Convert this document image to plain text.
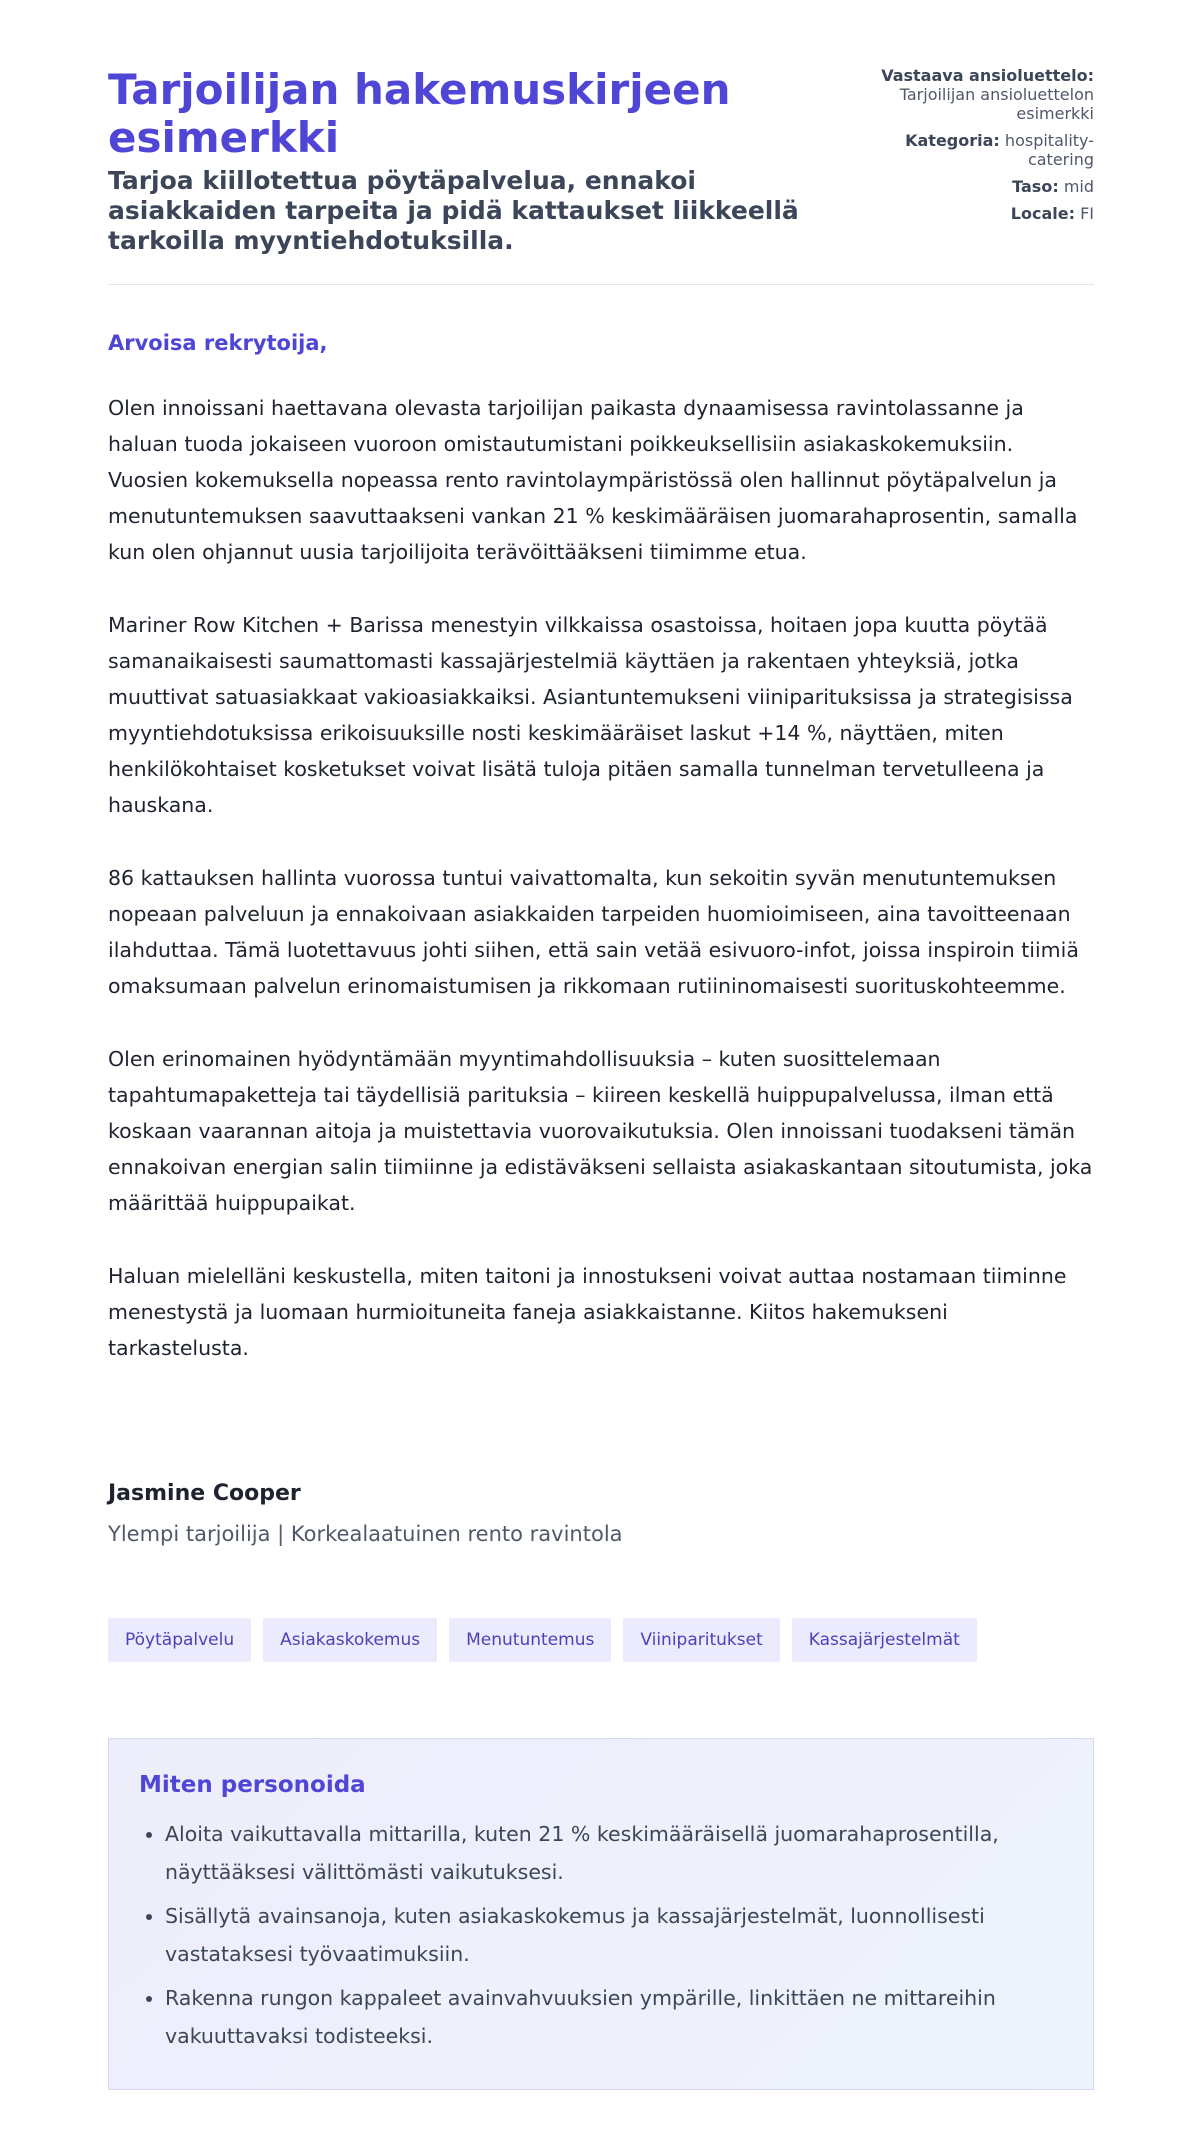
Tarjoilijan hakemuskirjeen esimerkki

Tarjoa kiillotettua pöytäpalvelua, ennakoi asiakkaiden tarpeita ja pidä kattaukset liikkeellä tarkoilla myyntiehdotuksilla.

Vastaava ansioluettelo: Tarjoilijan ansioluettelon esimerkki

Kategoria: hospitality-catering

Taso: mid

Locale: FI

Arvoisa rekrytoija,

Olen innoissani haettavana olevasta tarjoilijan paikasta dynaamisessa ravintolassanne ja haluan tuoda jokaiseen vuoroon omistautumistani poikkeuksellisiin asiakaskokemuksiin. Vuosien kokemuksella nopeassa rento ravintolaympäristössä olen hallinnut pöytäpalvelun ja menutuntemuksen saavuttaakseni vankan 21 % keskimääräisen juomarahaprosentin, samalla kun olen ohjannut uusia tarjoilijoita terävöittääkseni tiimimme etua.

Mariner Row Kitchen + Barissa menestyin vilkkaissa osastoissa, hoitaen jopa kuutta pöytää samanaikaisesti saumattomasti kassajärjestelmiä käyttäen ja rakentaen yhteyksiä, jotka muuttivat satuasiakkaat vakioasiakkaiksi. Asiantuntemukseni viiniparituksissa ja strategisissa myyntiehdotuksissa erikoisuuksille nosti keskimääräiset laskut +14 %, näyttäen, miten henkilökohtaiset kosketukset voivat lisätä tuloja pitäen samalla tunnelman tervetulleena ja hauskana.

86 kattauksen hallinta vuorossa tuntui vaivattomalta, kun sekoitin syvän menutuntemuksen nopeaan palveluun ja ennakoivaan asiakkaiden tarpeiden huomioimiseen, aina tavoitteenaan ilahduttaa. Tämä luotettavuus johti siihen, että sain vetää esivuoro-infot, joissa inspiroin tiimiä omaksumaan palvelun erinomaistumisen ja rikkomaan rutiininomaisesti suorituskohteemme.

Olen erinomainen hyödyntämään myyntimahdollisuuksia – kuten suosittelemaan tapahtumapaketteja tai täydellisiä parituksia – kiireen keskellä huippupalvelussa, ilman että koskaan vaarannan aitoja ja muistettavia vuorovaikutuksia. Olen innoissani tuodakseni tämän ennakoivan energian salin tiimiinne ja edistäväkseni sellaista asiakaskantaan sitoutumista, joka määrittää huippupaikat.

Haluan mielelläni keskustella, miten taitoni ja innostukseni voivat auttaa nostamaan tiiminne menestystä ja luomaan hurmioituneita faneja asiakkaistanne. Kiitos hakemukseni tarkastelusta.

Jasmine Cooper

Ylempi tarjoilija | Korkealaatuinen rento ravintola

Pöytäpalvelu	Asiakaskokemus	Menutuntemus	Viiniparitukset	Kassajärjestelmät
Miten personoida
• Aloita vaikuttavalla mittarilla, kuten 21 % keskimääräisellä juomarahaprosentilla, näyttääksesi välittömästi vaikutuksesi.
• Sisällytä avainsanoja, kuten asiakaskokemus ja kassajärjestelmät, luonnollisesti vastataksesi työvaatimuksiin.
• Rakenna rungon kappaleet avainvahvuuksien ympärille, linkittäen ne mittareihin vakuuttavaksi todisteeksi.
